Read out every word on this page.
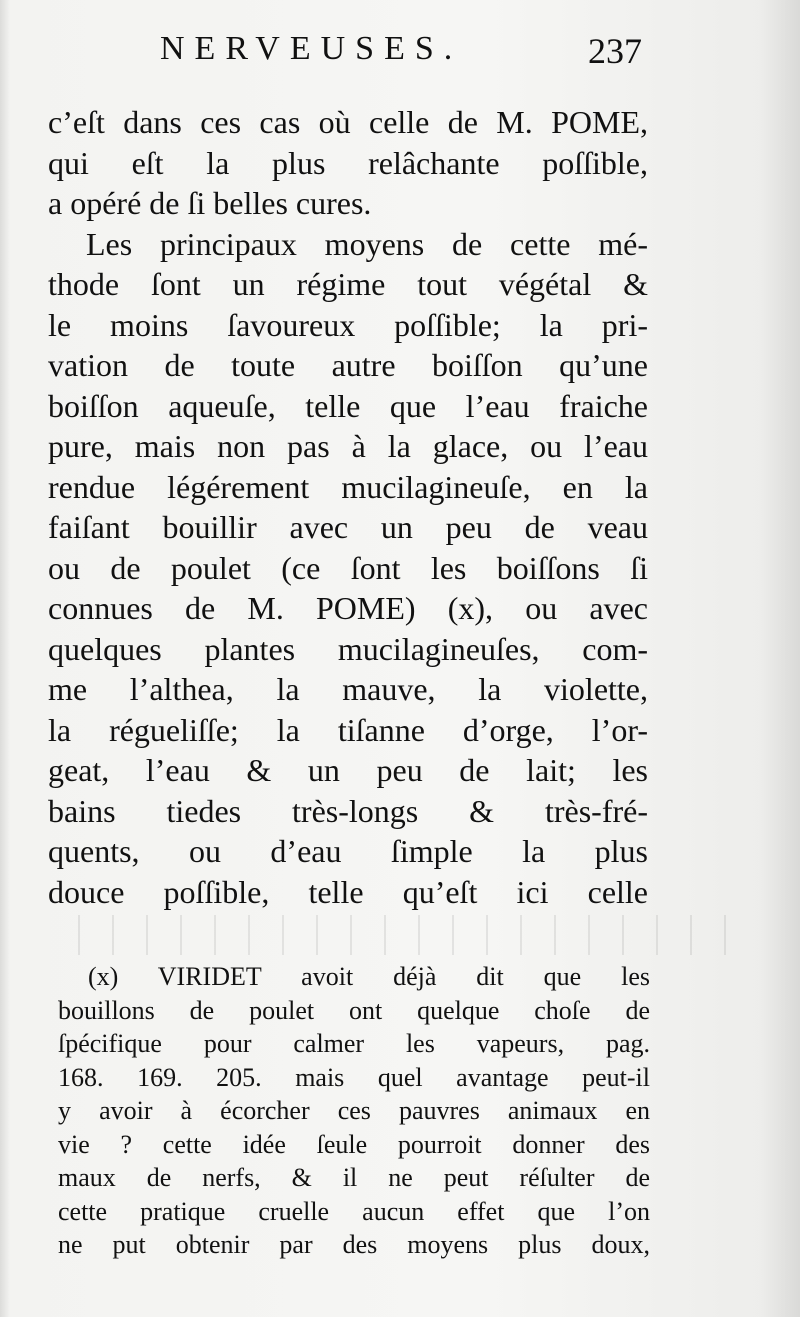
NERVEUSES.	237
c’eſt dans ces cas où celle de M. POME,
qui eſt la plus relâchante poſſible,
a opéré de ſi belles cures.
Les principaux moyens de cette mé-
thode ſont un régime tout végétal &
le moins ſavoureux poſſible; la pri-
vation de toute autre boiſſon qu’une
boiſſon aqueuſe, telle que l’eau fraiche
pure, mais non pas à la glace, ou l’eau
rendue légérement mucilagineuſe, en la
faiſant bouillir avec un peu de veau
ou de poulet (ce ſont les boiſſons ſi
connues de M. POME) (x), ou avec
quelques plantes mucilagineuſes, com-
me l’althea, la mauve, la violette,
la régueliſſe; la tiſanne d’orge, l’or-
geat, l’eau & un peu de lait; les
bains tiedes très-longs & très-fré-
quents, ou d’eau ſimple la plus
douce poſſible, telle qu’eſt ici celle
(x) VIRIDET avoit déjà dit que les
bouillons de poulet ont quelque choſe de
ſpécifique pour calmer les vapeurs, pag.
168. 169. 205. mais quel avantage peut-il
y avoir à écorcher ces pauvres animaux en
vie ? cette idée ſeule pourroit donner des
maux de nerfs, & il ne peut réſulter de
cette pratique cruelle aucun effet que l’on
ne put obtenir par des moyens plus doux,
